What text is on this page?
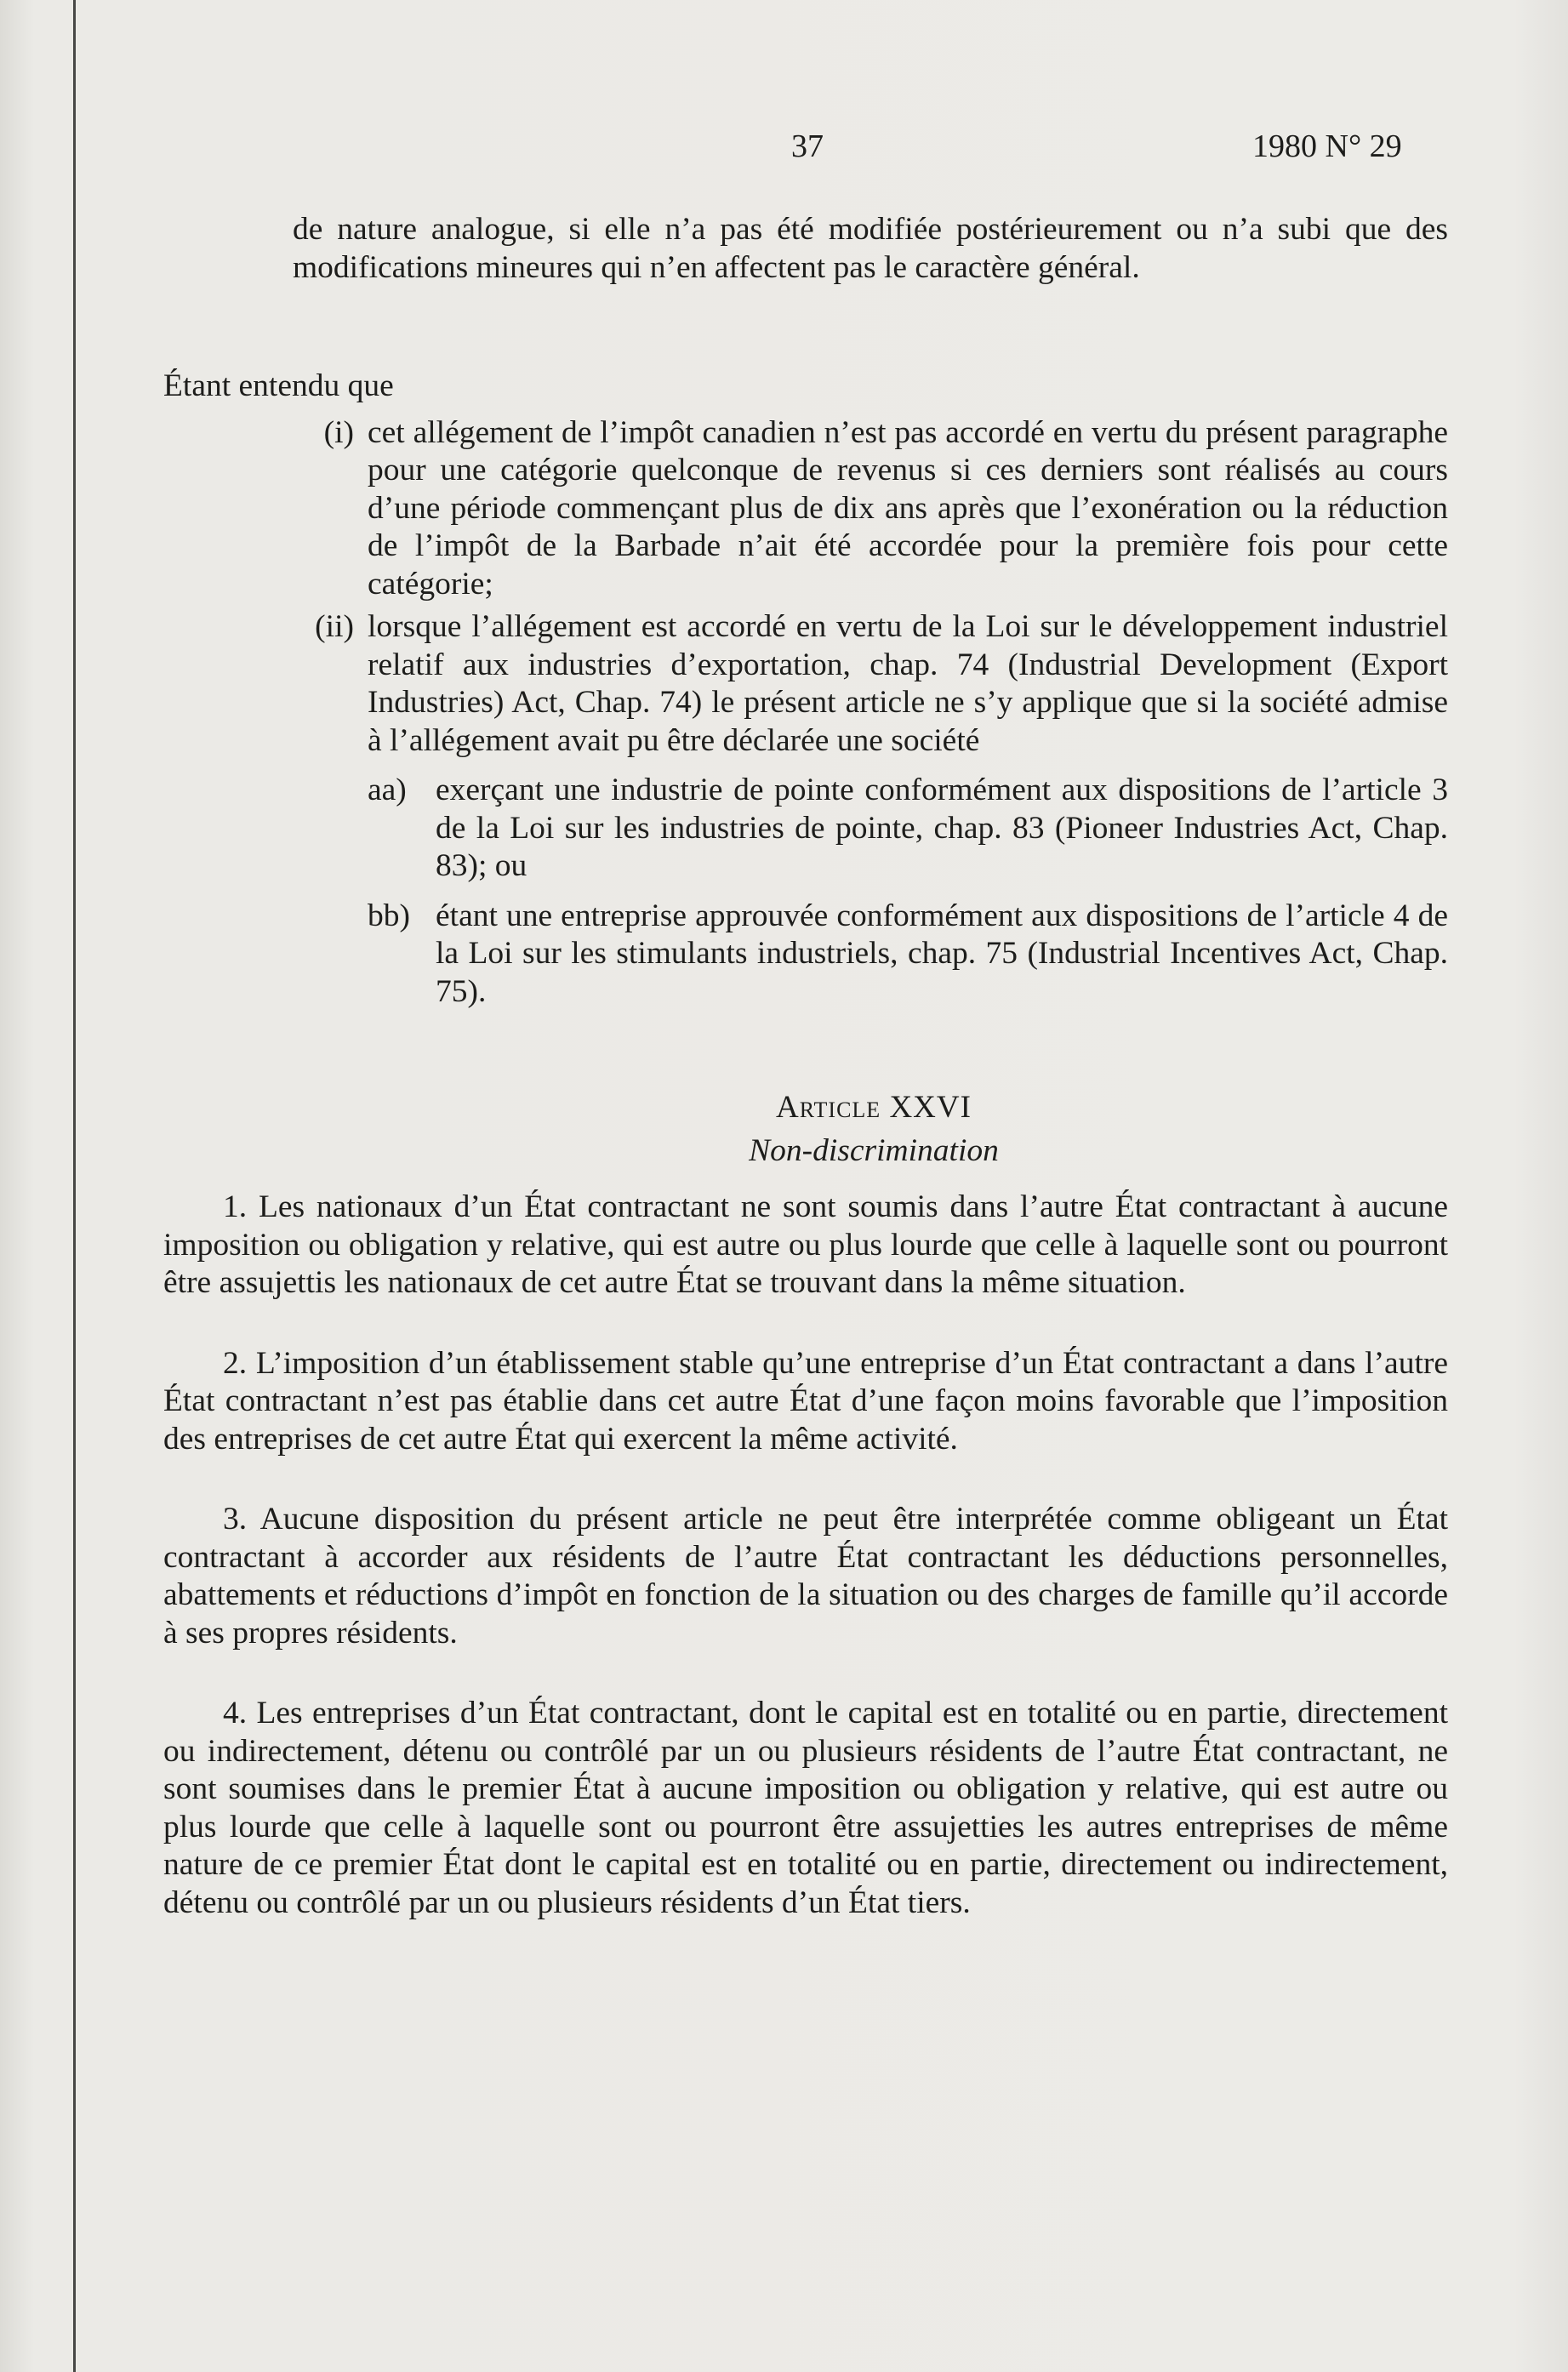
37	1980 N° 29

de nature analogue, si elle n’a pas été modifiée postérieurement ou n’a subi que des modifications mineures qui n’en affectent pas le caractère général.

Étant entendu que

(i) cet allégement de l’impôt canadien n’est pas accordé en vertu du présent paragraphe pour une catégorie quelconque de revenus si ces derniers sont réalisés au cours d’une période commençant plus de dix ans après que l’exonération ou la réduction de l’impôt de la Barbade n’ait été accordée pour la première fois pour cette catégorie;
(ii) lorsque l’allégement est accordé en vertu de la Loi sur le développement industriel relatif aux industries d’exportation, chap. 74 (Industrial Development (Export Industries) Act, Chap. 74) le présent article ne s’y applique que si la société admise à l’allégement avait pu être déclarée une société
aa) exerçant une industrie de pointe conformément aux dispositions de l’article 3 de la Loi sur les industries de pointe, chap. 83 (Pioneer Industries Act, Chap. 83); ou
bb) étant une entreprise approuvée conformément aux dispositions de l’article 4 de la Loi sur les stimulants industriels, chap. 75 (Industrial Incentives Act, Chap. 75).
Article XXVI
Non-discrimination

1. Les nationaux d’un État contractant ne sont soumis dans l’autre État contractant à aucune imposition ou obligation y relative, qui est autre ou plus lourde que celle à laquelle sont ou pourront être assujettis les nationaux de cet autre État se trouvant dans la même situation.

2. L’imposition d’un établissement stable qu’une entreprise d’un État contractant a dans l’autre État contractant n’est pas établie dans cet autre État d’une façon moins favorable que l’imposition des entreprises de cet autre État qui exercent la même activité.

3. Aucune disposition du présent article ne peut être interprétée comme obligeant un État contractant à accorder aux résidents de l’autre État contractant les déductions personnelles, abattements et réductions d’impôt en fonction de la situation ou des charges de famille qu’il accorde à ses propres résidents.

4. Les entreprises d’un État contractant, dont le capital est en totalité ou en partie, directement ou indirectement, détenu ou contrôlé par un ou plusieurs résidents de l’autre État contractant, ne sont soumises dans le premier État à aucune imposition ou obligation y relative, qui est autre ou plus lourde que celle à laquelle sont ou pourront être assujetties les autres entreprises de même nature de ce premier État dont le capital est en totalité ou en partie, directement ou indirectement, détenu ou contrôlé par un ou plusieurs résidents d’un État tiers.
